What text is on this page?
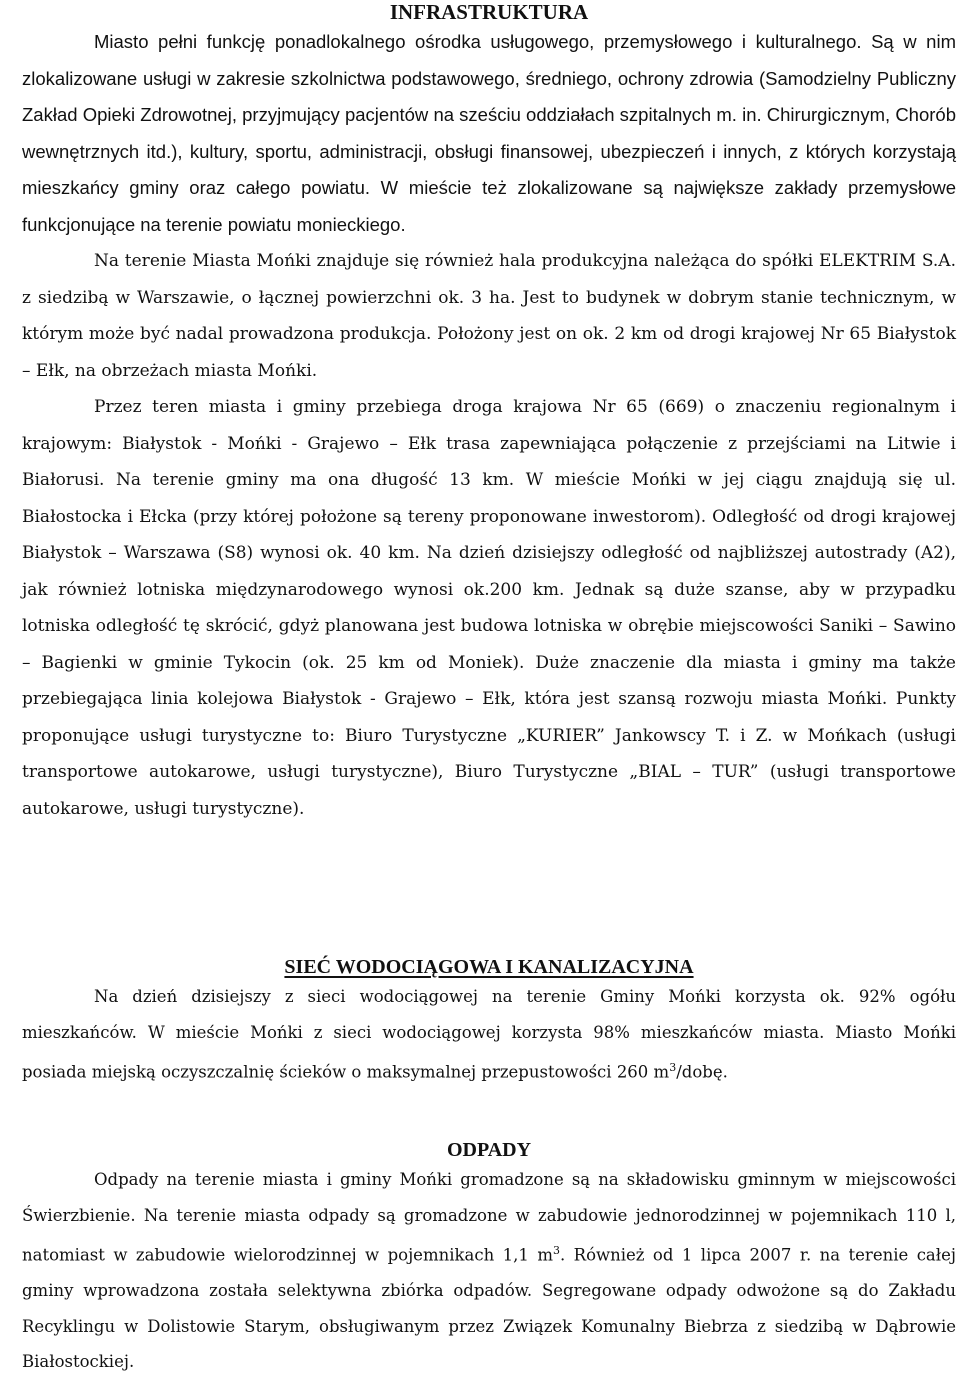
INFRASTRUKTURA

Miasto pełni funkcję ponadlokalnego ośrodka usługowego, przemysłowego i kulturalnego. Są w nim zlokalizowane usługi w zakresie szkolnictwa podstawowego, średniego, ochrony zdrowia (Samodzielny Publiczny Zakład Opieki Zdrowotnej, przyjmujący pacjentów na sześciu oddziałach szpitalnych m. in. Chirurgicznym, Chorób wewnętrznych itd.), kultury, sportu, administracji, obsługi finansowej, ubezpieczeń i innych, z których korzystają mieszkańcy gminy oraz całego powiatu. W mieście też zlokalizowane są największe zakłady przemysłowe funkcjonujące na terenie powiatu monieckiego.

Na terenie Miasta Mońki znajduje się również hala produkcyjna należąca do spółki ELEKTRIM S.A. z siedzibą w Warszawie, o łącznej powierzchni ok. 3 ha. Jest to budynek w dobrym stanie technicznym, w którym może być nadal prowadzona produkcja. Położony jest on ok. 2 km od drogi krajowej Nr 65 Białystok – Ełk, na obrzeżach miasta Mońki.

Przez teren miasta i gminy przebiega droga krajowa Nr 65 (669) o znaczeniu regionalnym i krajowym: Białystok - Mońki - Grajewo – Ełk trasa zapewniająca połączenie z przejściami na Litwie i Białorusi. Na terenie gminy ma ona długość 13 km. W mieście Mońki w jej ciągu znajdują się ul. Białostocka i Ełcka (przy której położone są tereny proponowane inwestorom). Odległość od drogi krajowej Białystok – Warszawa (S8) wynosi ok. 40 km. Na dzień dzisiejszy odległość od najbliższej autostrady (A2), jak również lotniska międzynarodowego wynosi ok.200 km. Jednak są duże szanse, aby w przypadku lotniska odległość tę skrócić, gdyż planowana jest budowa lotniska w obrębie miejscowości Saniki – Sawino – Bagienki w gminie Tykocin (ok. 25 km od Moniek). Duże znaczenie dla miasta i gminy ma także przebiegająca linia kolejowa Białystok - Grajewo – Ełk, która jest szansą rozwoju miasta Mońki. Punkty proponujące usługi turystyczne to: Biuro Turystyczne „KURIER” Jankowscy T. i Z. w Mońkach (usługi transportowe autokarowe, usługi turystyczne), Biuro Turystyczne „BIAL – TUR” (usługi transportowe autokarowe, usługi turystyczne).

SIEĆ WODOCIĄGOWA I KANALIZACYJNA

Na dzień dzisiejszy z sieci wodociągowej na terenie Gminy Mońki korzysta ok. 92% ogółu mieszkańców. W mieście Mońki z sieci wodociągowej korzysta 98% mieszkańców miasta. Miasto Mońki posiada miejską oczyszczalnię ścieków o maksymalnej przepustowości 260 $m^3$/dobę.

ODPADY

Odpady na terenie miasta i gminy Mońki gromadzone są na składowisku gminnym w miejscowości Świerzbienie. Na terenie miasta odpady są gromadzone w zabudowie jednorodzinnej w pojemnikach 110 l, natomiast w zabudowie wielorodzinnej w pojemnikach 1,1 $m^3$. Również od 1 lipca 2007 r. na terenie całej gminy wprowadzona została selektywna zbiórka odpadów. Segregowane odpady odwożone są do Zakładu Recyklingu w Dolistowie Starym, obsługiwanym przez Związek Komunalny Biebrza z siedzibą w Dąbrowie Białostockiej.
